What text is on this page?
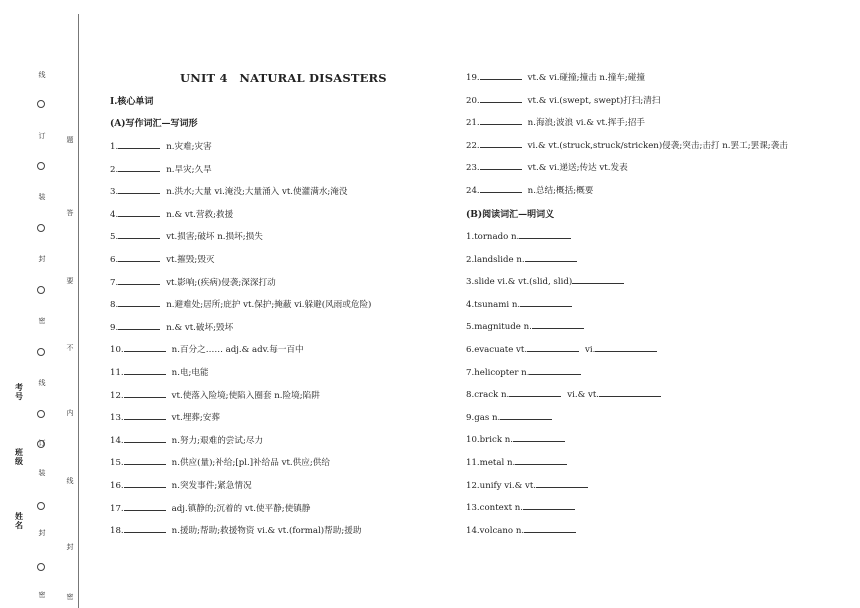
线
订
装
封
密
线
订
装
封
密
题
答
要
不
内
线
封
密
考
号
班
级
姓
名
UNIT 4　NATURAL DISASTERS
Ⅰ.核心单词
(A)写作词汇—写词形
(B)阅读词汇—明词义
1.	n.灾难;灾害
2.	n.旱灾;久旱
3.	n.洪水;大量 vi.淹没;大量涌入 vt.使灌满水;淹没
4.	n.& vt.营救;救援
5.	vt.损害;破坏 n.损坏;损失
6.	vt.摧毁;毁灭
7.	vt.影响;(疾病)侵袭;深深打动
8.	n.避难处;居所;庇护 vt.保护;掩蔽 vi.躲避(风雨或危险)
9.	n.& vt.破坏;毁坏
10.	n.百分之…… adj.& adv.每一百中
11.	n.电;电能
12.	vt.使落入险境;使陷入圈套 n.险境;陷阱
13.	vt.埋葬;安葬
14.	n.努力;艰难的尝试;尽力
15.	n.供应(量);补给;[pl.]补给品 vt.供应;供给
16.	n.突发事件;紧急情况
17.	adj.镇静的;沉着的 vt.使平静;使镇静
18.	n.援助;帮助;救援物资 vi.& vt.(formal)帮助;援助
19.	vt.& vi.碰撞;撞击 n.撞车;碰撞
20.	vt.& vi.(swept, swept)打扫;清扫
21.	n.海浪;波浪 vi.& vt.挥手;招手
22.	vi.& vt.(struck,struck/stricken)侵袭;突击;击打 n.罢工;罢课;袭击
23.	vt.& vi.递送;传达 vt.发表
24.	n.总结;概括;概要
1.tornado n.
2.landslide n.
3.slide vi.& vt.(slid, slid)
4.tsunami n.
5.magnitude n.
6.evacuate vt.	vi.
7.helicopter n.
8.crack n.	vi.& vt.
9.gas n.
10.brick n.
11.metal n.
12.unify vi.& vt.
13.context n.
14.volcano n.
